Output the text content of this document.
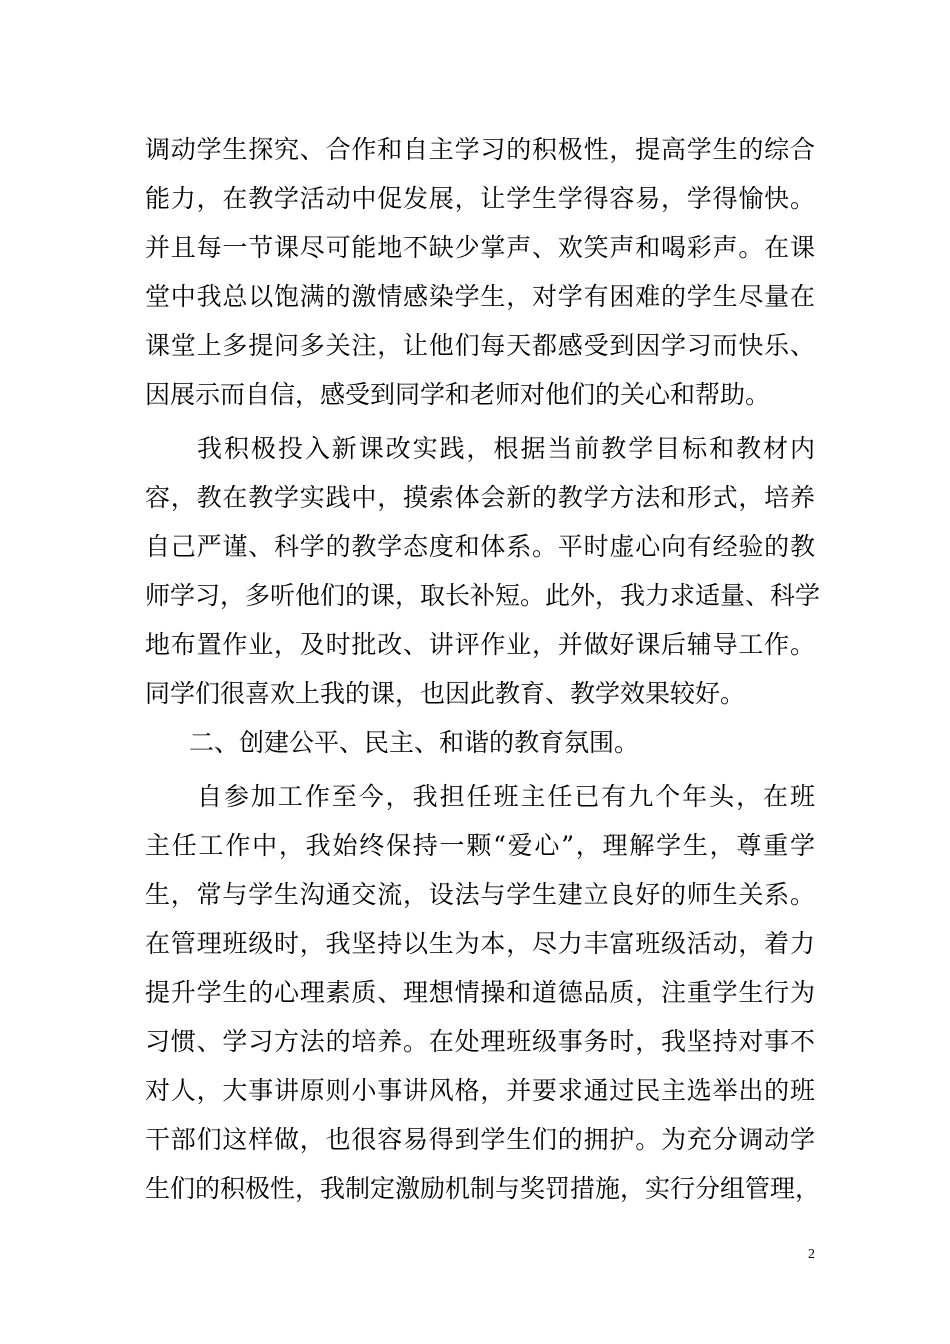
调动学生探究、合作和自主学习的积极性，提高学生的综合
能力，在教学活动中促发展，让学生学得容易，学得愉快。
并且每一节课尽可能地不缺少掌声、欢笑声和喝彩声。在课
堂中我总以饱满的激情感染学生，对学有困难的学生尽量在
课堂上多提问多关注，让他们每天都感受到因学习而快乐、
因展示而自信，感受到同学和老师对他们的关心和帮助。
我积极投入新课改实践，根据当前教学目标和教材内
容，教在教学实践中，摸索体会新的教学方法和形式，培养
自己严谨、科学的教学态度和体系。平时虚心向有经验的教
师学习，多听他们的课，取长补短。此外，我力求适量、科学
地布置作业，及时批改、讲评作业，并做好课后辅导工作。
同学们很喜欢上我的课，也因此教育、教学效果较好。
二、创建公平、民主、和谐的教育氛围。
自参加工作至今，我担任班主任已有九个年头，在班
主任工作中，我始终保持一颗“爱心”，理解学生，尊重学
生，常与学生沟通交流，设法与学生建立良好的师生关系。
在管理班级时，我坚持以生为本，尽力丰富班级活动，着力
提升学生的心理素质、理想情操和道德品质，注重学生行为
习惯、学习方法的培养。在处理班级事务时，我坚持对事不
对人，大事讲原则小事讲风格，并要求通过民主选举出的班
干部们这样做，也很容易得到学生们的拥护。为充分调动学
生们的积极性，我制定激励机制与奖罚措施，实行分组管理，
2
